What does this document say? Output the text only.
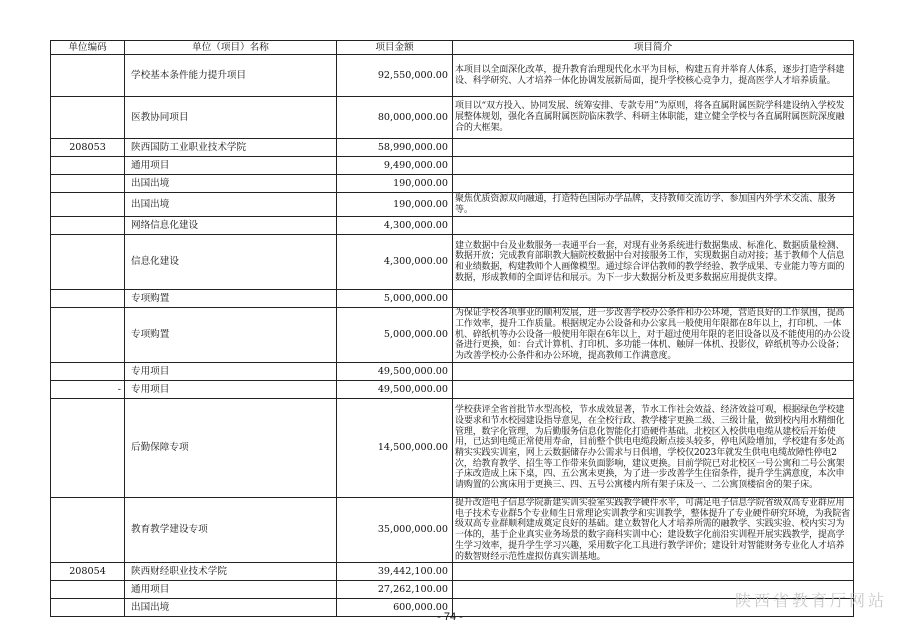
单位编码	单位（项目）名称	项目金额	项目简介
	学校基本条件能力提升项目	92,550,000.00	本项目以全面深化改革，提升教育治理现代化水平为目标，构建五育并举育人体系，逐步打造学科建设、科学研究、人才培养一体化协调发展新局面，提升学校核心竞争力，提高医学人才培养质量。
	医教协同项目	80,000,000.00	项目以“双方投入、协同发展、统筹安排、专款专用”为原则，将各直属附属医院学科建设纳入学校发展整体规划，强化各直属附属医院临床教学、科研主体职能，建立健全学校与各直属附属医院深度融合的大框架。
208053	陕西国防工业职业技术学院	58,990,000.00	
	通用项目	9,490,000.00	
	出国出境	190,000.00	
	出国出境	190,000.00	聚焦优质资源双向融通，打造特色国际办学品牌，支持教师交流访学、参加国内外学术交流、服务等。
	网络信息化建设	4,300,000.00	
	信息化建设	4,300,000.00	建立数据中台及业数服务一表通平台一套，对现有业务系统进行数据集成、标准化、数据质量检测、数据开放；完成教育部职教大脑院校数据中台对接服务工作，实现数据自动对接；基于教师个人信息和业绩数据，构建教师个人画像模型。通过综合评估教师的教学经验、教学成果、专业能力等方面的数据，形成教师的全面评估和展示。为下一步大数据分析及更多数据应用提供支撑。
	专项购置	5,000,000.00	
	专项购置	5,000,000.00	为保证学校各项事业的顺利发展，进一步改善学校办公条件和办公环境，营造良好的工作氛围，提高工作效率，提升工作质量。根据规定办公设备和办公家具一般使用年限都在8年以上，打印机、一体机、碎纸机等办公设备一般使用年限在6年以上，对于超过使用年限的老旧设备以及不能使用的办公设备进行更换，如：台式计算机、打印机、多功能一体机、触屏一体机、投影仪，碎纸机等办公设备；为改善学校办公条件和办公环境，提高教师工作满意度。
	专用项目	49,500,000.00	
-	专用项目	49,500,000.00	
	后勤保障专项	14,500,000.00	学校获评全省首批节水型高校，节水成效显著，节水工作社会效益、经济效益可观，根据绿色学校建设要求和节水校园建设指导意见，在全校行政、教学楼宇更换二级、三级计量，做到校内用水精细化管理，数字化管理，为后勤服务信息化智能化打造硬件基础。北校区入校供电电缆从建校后开始使用，已达到电缆正常使用寿命，目前整个供电电缆段断点接头较多，停电风险增加，学校建有多处高精实实践实训室，网上云数据储存办公需求与日俱增，学校仅2023年就发生供电电缆故障性停电2次，给教育教学、招生等工作带来负面影响，建议更换。目前学院已对北校区一号公寓和二号公寓架子床改造成上床下桌，四、五公寓未更换，为了进一步改善学生住宿条件，提升学生满意度，本次申请购置的公寓床用于更换三、四、五号公寓楼内所有架子床及一、二公寓顶楼宿舍的架子床。
	教育教学建设专项	35,000,000.00	提升改造电子信息学院新建实训实验室实践教学硬件水平，可满足电子信息学院省级双高专业群应用电子技术专业群5个专业师生日常理论实训教学和实训教学，整体提升了专业硬件研究环境，为我院省级双高专业群顺利建成奠定良好的基础。建立数智化人才培养所需的融教学、实践实验、校内实习为一体的，基于企业真实业务场景的数字商科实训中心；建设数字化前沿实训程开展实践教学，提高学生学习效率，提升学生学习兴趣，采用数字化工具进行教学评价；建设针对智能财务专业化人才培养的数智财经示范性虚拟仿真实训基地。
208054	陕西财经职业技术学院	39,442,100.00	
	通用项目	27,262,100.00	
	出国出境	600,000.00		陕西省教育厅网站
- 74 -
